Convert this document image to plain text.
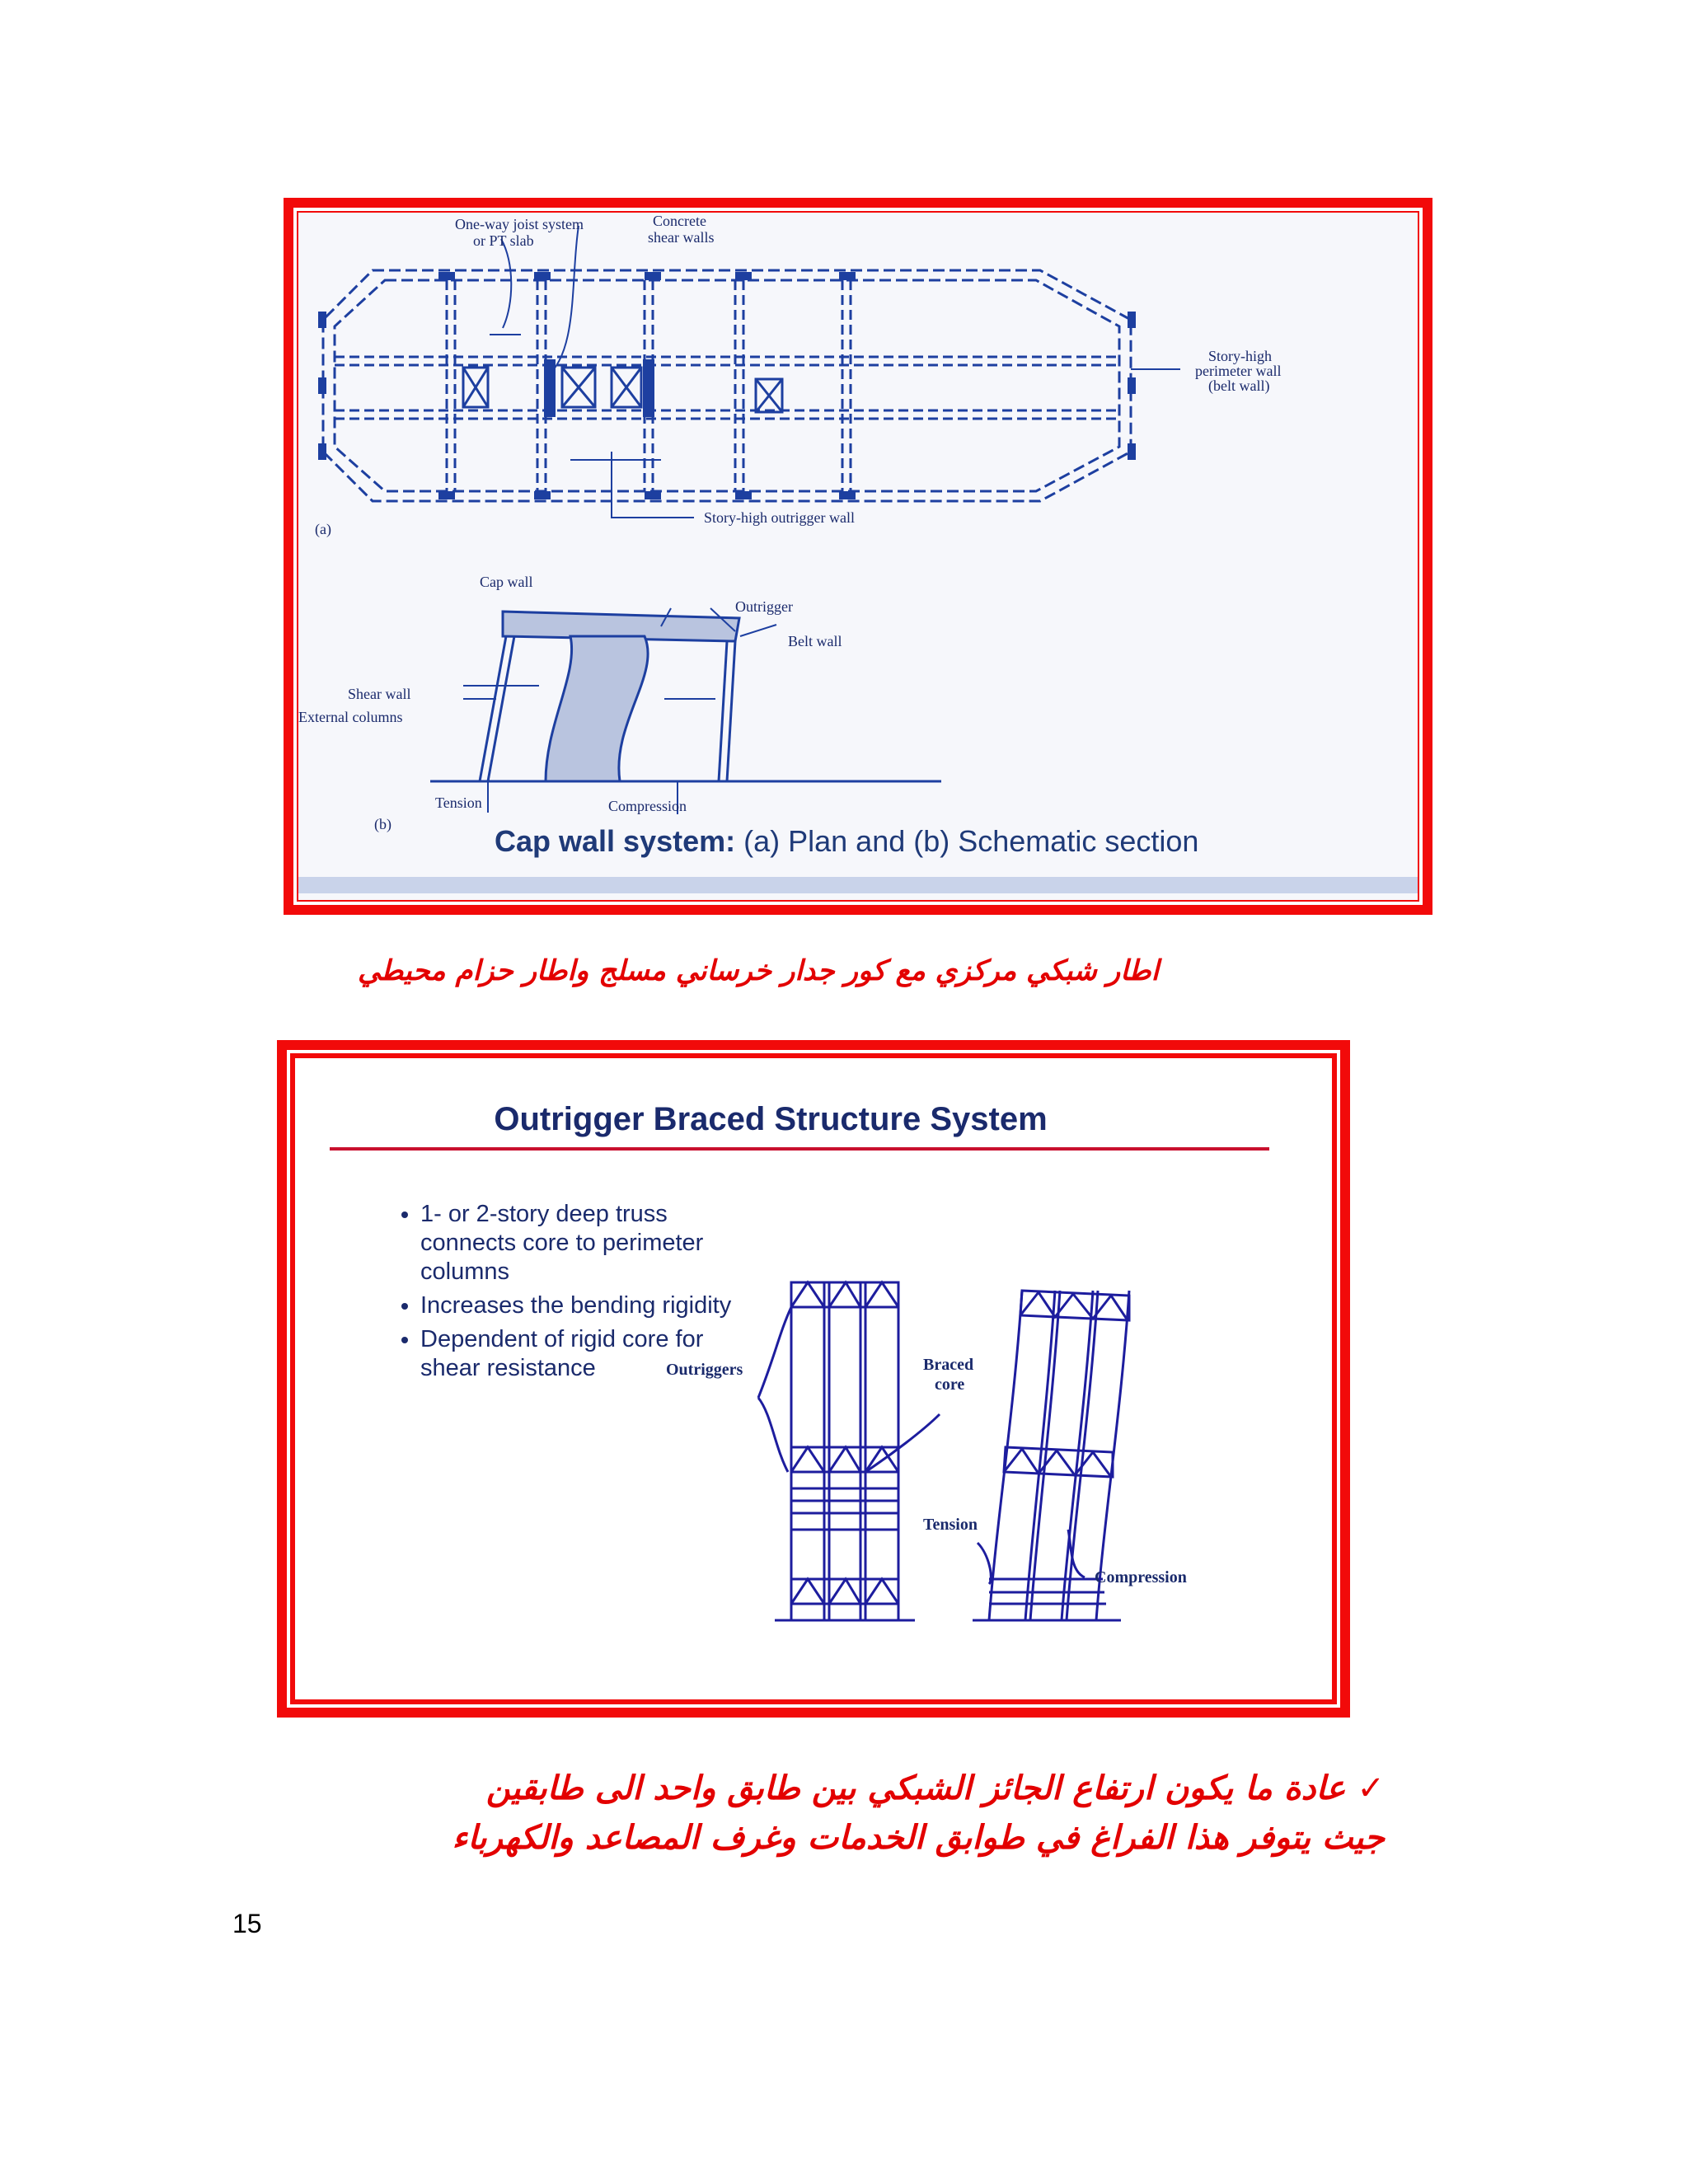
One-way joist system
or PT slab
Concrete
shear walls
Story-high
perimeter wall
(belt wall)
Story-high outrigger wall
(a)
Cap wall
Outrigger
Belt wall
Shear wall
External columns
Tension	Compression
(b)	Cap wall system: (a) Plan and (b) Schematic section
اطار شبكي مركزي مع كور جدار خرساني مسلج واطار حزام محيطي
Outrigger Braced Structure System
• 1- or 2-story deep truss connects core to perimeter columns
• Increases the bending rigidity
• Dependent of rigid core for shear resistance	Outriggers	Braced
core
Tension
Compression
✓ عادة ما يكون ارتفاع الجائز الشبكي بين طابق واحد الى طابقين
جيث يتوفر هذا الفراغ في طوابق الخدمات وغرف المصاعد والكهرباء
15
